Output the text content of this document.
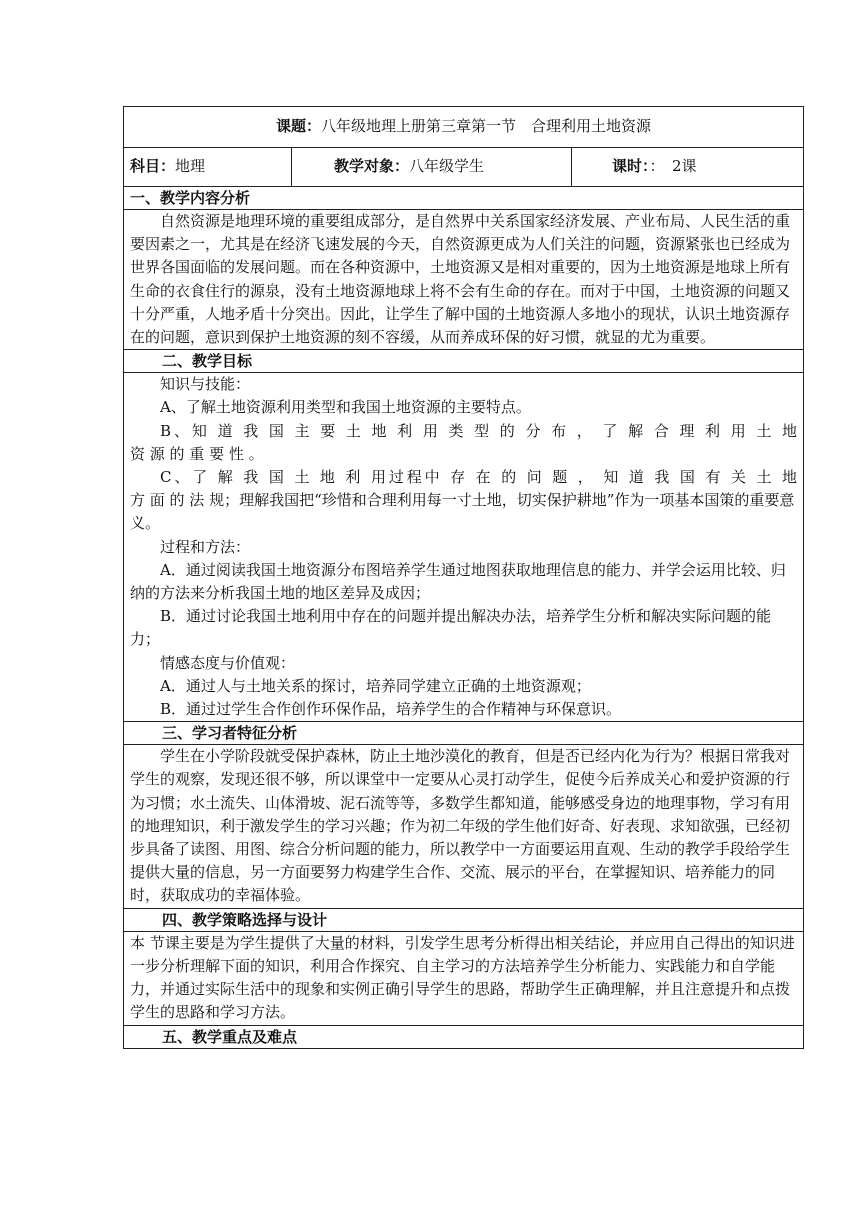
课题：八年级地理上册第三章第一节　合理利用土地资源
科目：地理	教学对象：八年级学生	课时：：　2课
一、教学内容分析

自然资源是地理环境的重要组成部分，是自然界中关系国家经济发展、产业布局、人民生活的重要因素之一，尤其是在经济飞速发展的今天，自然资源更成为人们关注的问题，资源紧张也已经成为世界各国面临的发展问题。而在各种资源中，土地资源又是相对重要的，因为土地资源是地球上所有生命的衣食住行的源泉，没有土地资源地球上将不会有生命的存在。而对于中国，土地资源的问题又十分严重，人地矛盾十分突出。因此，让学生了解中国的土地资源人多地小的现状，认识土地资源存在的问题，意识到保护土地资源的刻不容缓，从而养成环保的好习惯，就显的尤为重要。

二、教学目标

知识与技能：

A、了解土地资源利用类型和我国土地资源的主要特点。

B、知 道 我 国 主 要 土 地 利 用 类 型 的 分 布 ， 了 解 合 理 利 用 土 地

资 源 的 重 要 性 。

C、了 解 我 国 土 地 利 用过程中 存 在 的 问 题 ， 知 道 我 国 有 关 土 地

方 面 的 法 规；理解我国把“珍惜和合理利用每一寸土地，切实保护耕地”作为一项基本国策的重要意义。

过程和方法：

A．通过阅读我国土地资源分布图培养学生通过地图获取地理信息的能力、并学会运用比较、归纳的方法来分析我国土地的地区差异及成因；

B．通过讨论我国土地利用中存在的问题并提出解决办法，培养学生分析和解决实际问题的能力；

情感态度与价值观：

A．通过人与土地关系的探讨，培养同学建立正确的土地资源观；

B．通过过学生合作创作环保作品，培养学生的合作精神与环保意识。

三、学习者特征分析

学生在小学阶段就受保护森林，防止土地沙漠化的教育，但是否已经内化为行为？根据日常我对学生的观察，发现还很不够，所以课堂中一定要从心灵打动学生，促使今后养成关心和爱护资源的行为习惯；水土流失、山体滑坡、泥石流等等，多数学生都知道，能够感受身边的地理事物，学习有用的地理知识，利于激发学生的学习兴趣；作为初二年级的学生他们好奇、好表现、求知欲强，已经初步具备了读图、用图、综合分析问题的能力，所以教学中一方面要运用直观、生动的教学手段给学生提供大量的信息，另一方面要努力构建学生合作、交流、展示的平台，在掌握知识、培养能力的同时，获取成功的幸福体验。

四、教学策略选择与设计

本 节课主要是为学生提供了大量的材料，引发学生思考分析得出相关结论，并应用自己得出的知识进一步分析理解下面的知识，利用合作探究、自主学习的方法培养学生分析能力、实践能力和自学能力，并通过实际生活中的现象和实例正确引导学生的思路，帮助学生正确理解，并且注意提升和点拨学生的思路和学习方法。

五、教学重点及难点
